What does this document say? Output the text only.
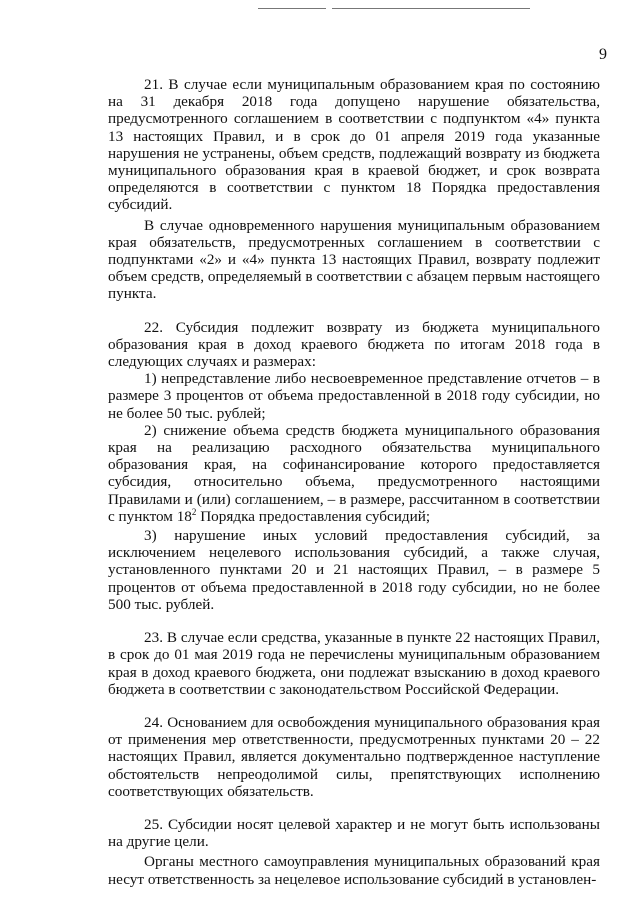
9

21. В случае если муниципальным образованием края по состоянию на 31 декабря 2018 года допущено нарушение обязательства, предусмотренного соглашением в соответствии с подпунктом «4» пункта 13 настоящих Правил, и в срок до 01 апреля 2019 года указанные нарушения не устранены, объем средств, подлежащий возврату из бюджета муниципального образования края в краевой бюджет, и срок возврата определяются в соответствии с пунктом 18 Порядка предоставления субсидий.

В случае одновременного нарушения муниципальным образованием края обязательств, предусмотренных соглашением в соответствии с подпунктами «2» и «4» пункта 13 настоящих Правил, возврату подлежит объем средств, определяемый в соответствии с абзацем первым настоящего пункта.

22. Субсидия подлежит возврату из бюджета муниципального образования края в доход краевого бюджета по итогам 2018 года в следующих случаях и размерах:

1) непредставление либо несвоевременное представление отчетов – в размере 3 процентов от объема предоставленной в 2018 году субсидии, но не более 50 тыс. рублей;

2) снижение объема средств бюджета муниципального образования края на реализацию расходного обязательства муниципального образования края, на софинансирование которого предоставляется субсидия, относительно объема, предусмотренного настоящими Правилами и (или) соглашением, – в размере, рассчитанном в соответствии с пунктом $18^2$ Порядка предоставления субсидий;

3) нарушение иных условий предоставления субсидий, за исключением нецелевого использования субсидий, а также случая, установленного пунктами 20 и 21 настоящих Правил, – в размере 5 процентов от объема предоставленной в 2018 году субсидии, но не более 500 тыс. рублей.

23. В случае если средства, указанные в пункте 22 настоящих Правил, в срок до 01 мая 2019 года не перечислены муниципальным образованием края в доход краевого бюджета, они подлежат взысканию в доход краевого бюджета в соответствии с законодательством Российской Федерации.

24. Основанием для освобождения муниципального образования края от применения мер ответственности, предусмотренных пунктами 20 – 22 настоящих Правил, является документально подтвержденное наступление обстоятельств непреодолимой силы, препятствующих исполнению соответствующих обязательств.

25. Субсидии носят целевой характер и не могут быть использованы на другие цели.

Органы местного самоуправления муниципальных образований края несут ответственность за нецелевое использование субсидий в установлен-
